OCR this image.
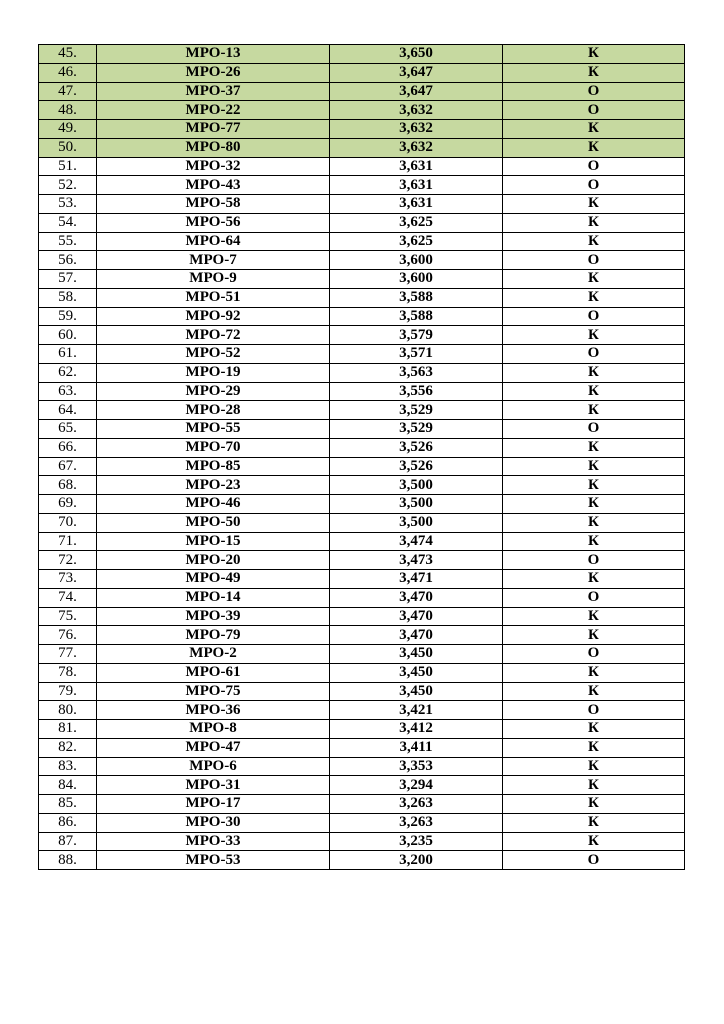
45.	МРО-13	3,650	К
46.	МРО-26	3,647	К
47.	МРО-37	3,647	О
48.	МРО-22	3,632	О
49.	МРО-77	3,632	К
50.	МРО-80	3,632	К
51.	МРО-32	3,631	О
52.	МРО-43	3,631	О
53.	МРО-58	3,631	К
54.	МРО-56	3,625	К
55.	МРО-64	3,625	К
56.	МРО-7	3,600	О
57.	МРО-9	3,600	К
58.	МРО-51	3,588	К
59.	МРО-92	3,588	О
60.	МРО-72	3,579	К
61.	МРО-52	3,571	О
62.	МРО-19	3,563	К
63.	МРО-29	3,556	К
64.	МРО-28	3,529	К
65.	МРО-55	3,529	О
66.	МРО-70	3,526	К
67.	МРО-85	3,526	К
68.	МРО-23	3,500	К
69.	МРО-46	3,500	К
70.	МРО-50	3,500	К
71.	МРО-15	3,474	К
72.	МРО-20	3,473	О
73.	МРО-49	3,471	К
74.	МРО-14	3,470	О
75.	МРО-39	3,470	К
76.	МРО-79	3,470	К
77.	МРО-2	3,450	О
78.	МРО-61	3,450	К
79.	МРО-75	3,450	К
80.	МРО-36	3,421	О
81.	МРО-8	3,412	К
82.	МРО-47	3,411	К
83.	МРО-6	3,353	К
84.	МРО-31	3,294	К
85.	МРО-17	3,263	К
86.	МРО-30	3,263	К
87.	МРО-33	3,235	К
88.	МРО-53	3,200	О
